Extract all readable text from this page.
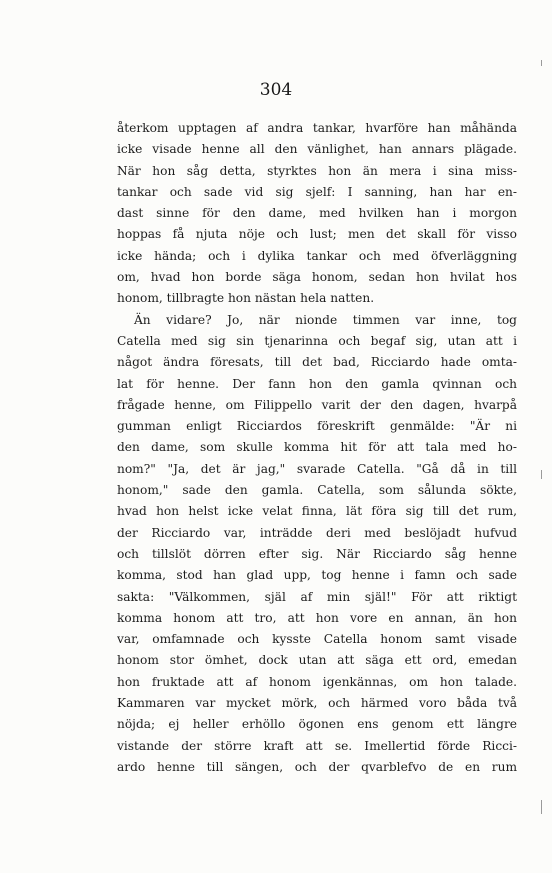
304
återkom upptagen af andra tankar, hvarföre han måhända
icke visade henne all den vänlighet, han annars plägade.
När hon såg detta, styrktes hon än mera i sina miss-
tankar och sade vid sig sjelf: I sanning, han har en-
dast sinne för den dame, med hvilken han i morgon
hoppas få njuta nöje och lust; men det skall för visso
icke hända; och i dylika tankar och med öfverläggning
om, hvad hon borde säga honom, sedan hon hvilat hos
honom, tillbragte hon nästan hela natten.
Än vidare? Jo, när nionde timmen var inne, tog
Catella med sig sin tjenarinna och begaf sig, utan att i
något ändra föresats, till det bad, Ricciardo hade omta-
lat för henne. Der fann hon den gamla qvinnan och
frågade henne, om Filippello varit der den dagen, hvarpå
gumman enligt Ricciardos föreskrift genmälde: "Är ni
den dame, som skulle komma hit för att tala med ho-
nom?" "Ja, det är jag," svarade Catella. "Gå då in till
honom," sade den gamla. Catella, som sålunda sökte,
hvad hon helst icke velat finna, lät föra sig till det rum,
der Ricciardo var, inträdde deri med beslöjadt hufvud
och tillslöt dörren efter sig. När Ricciardo såg henne
komma, stod han glad upp, tog henne i famn och sade
sakta: "Välkommen, själ af min själ!" För att riktigt
komma honom att tro, att hon vore en annan, än hon
var, omfamnade och kysste Catella honom samt visade
honom stor ömhet, dock utan att säga ett ord, emedan
hon fruktade att af honom igenkännas, om hon talade.
Kammaren var mycket mörk, och härmed voro båda två
nöjda; ej heller erhöllo ögonen ens genom ett längre
vistande der större kraft att se. Imellertid förde Ricci-
ardo henne till sängen, och der qvarblefvo de en rum
